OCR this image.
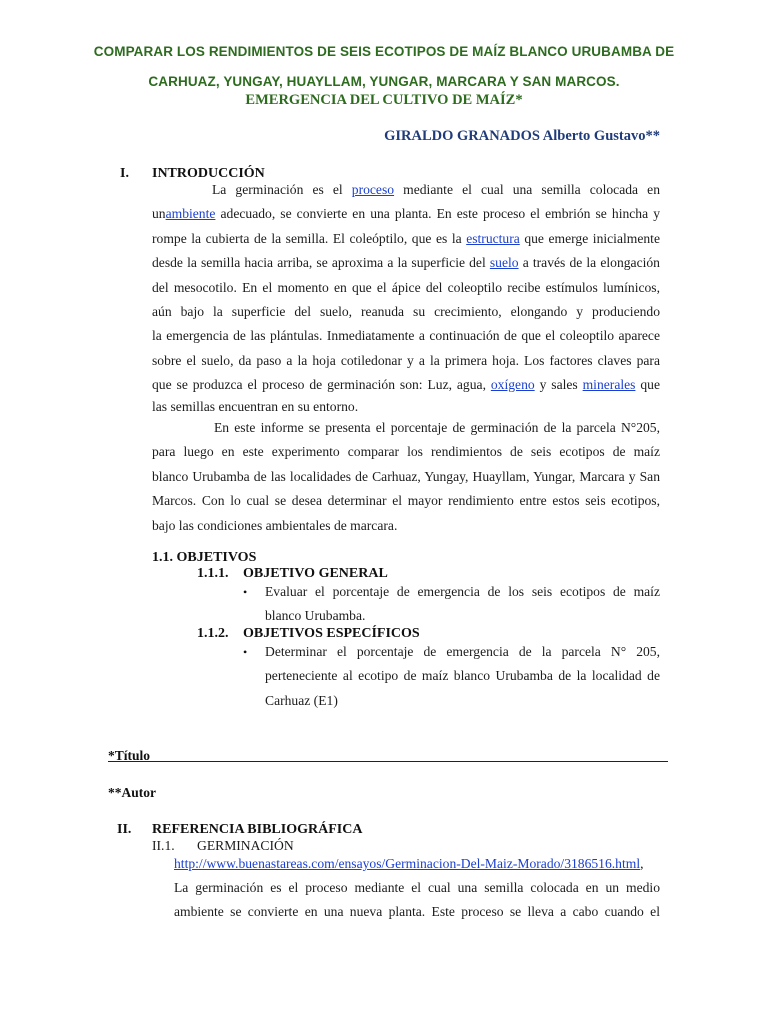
COMPARAR LOS RENDIMIENTOS DE SEIS ECOTIPOS DE MAÍZ BLANCO URUBAMBA DE
CARHUAZ, YUNGAY, HUAYLLAM, YUNGAR, MARCARA Y SAN MARCOS.
EMERGENCIA DEL CULTIVO DE MAÍZ*
GIRALDO GRANADOS Alberto Gustavo**
I. INTRODUCCIÓN
La germinación es el proceso mediante el cual una semilla colocada en
unambiente adecuado, se convierte en una planta. En este proceso el embrión se hincha y
rompe la cubierta de la semilla. El coleóptilo, que es la estructura que emerge inicialmente
desde la semilla hacia arriba, se aproxima a la superficie del suelo a través de la elongación
del mesocotilo. En el momento en que el ápice del coleoptilo recibe estímulos lumínicos,
aún bajo la superficie del suelo, reanuda su crecimiento, elongando y produciendo
la emergencia de las plántulas. Inmediatamente a continuación de que el coleoptilo aparece
sobre el suelo, da paso a la hoja cotiledonar y a la primera hoja. Los factores claves para
que se produzca el proceso de germinación son: Luz, agua, oxígeno y sales minerales que
las semillas encuentran en su entorno.
En este informe se presenta el porcentaje de germinación de la parcela N°205,
para luego en este experimento comparar los rendimientos de seis ecotipos de maíz
blanco Urubamba de las localidades de Carhuaz, Yungay, Huayllam, Yungar, Marcara y San
Marcos. Con lo cual se desea determinar el mayor rendimiento entre estos seis ecotipos,
bajo las condiciones ambientales de marcara.
1.1. OBJETIVOS
1.1.1. OBJETIVO GENERAL
• Evaluar el porcentaje de emergencia de los seis ecotipos de maíz
blanco Urubamba.
1.1.2. OBJETIVOS ESPECÍFICOS
• Determinar el porcentaje de emergencia de la parcela N° 205,
perteneciente al ecotipo de maíz blanco Urubamba de la localidad de
Carhuaz (E1)
*Título
**Autor
II. REFERENCIA BIBLIOGRÁFICA
II.1. GERMINACIÓN
http://www.buenastareas.com/ensayos/Germinacion-Del-Maiz-Morado/3186516.html,
La germinación es el proceso mediante el cual una semilla colocada en un medio
ambiente se convierte en una nueva planta. Este proceso se lleva a cabo cuando el
